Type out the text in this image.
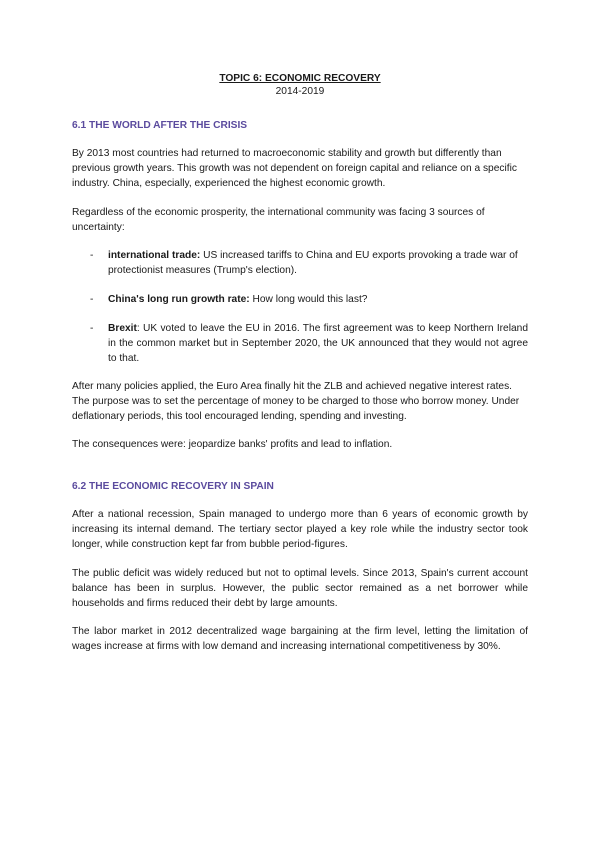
TOPIC 6: ECONOMIC RECOVERY
2014-2019
6.1 THE WORLD AFTER THE CRISIS

By 2013 most countries had returned to macroeconomic stability and growth but differently than previous growth years. This growth was not dependent on foreign capital and reliance on a specific industry. China, especially, experienced the highest economic growth.

Regardless of the economic prosperity, the international community was facing 3 sources of uncertainty:

- international trade: US increased tariffs to China and EU exports provoking a trade war of protectionist measures (Trump's election).
- China's long run growth rate: How long would this last?
- Brexit: UK voted to leave the EU in 2016. The first agreement was to keep Northern Ireland in the common market but in September 2020, the UK announced that they would not agree to that.

After many policies applied, the Euro Area finally hit the ZLB and achieved negative interest rates. The purpose was to set the percentage of money to be charged to those who borrow money. Under deflationary periods, this tool encouraged lending, spending and investing.

The consequences were: jeopardize banks' profits and lead to inflation.

6.2 THE ECONOMIC RECOVERY IN SPAIN

After a national recession, Spain managed to undergo more than 6 years of economic growth by increasing its internal demand. The tertiary sector played a key role while the industry sector took longer, while construction kept far from bubble period-figures.

The public deficit was widely reduced but not to optimal levels. Since 2013, Spain's current account balance has been in surplus. However, the public sector remained as a net borrower while households and firms reduced their debt by large amounts.

The labor market in 2012 decentralized wage bargaining at the firm level, letting the limitation of wages increase at firms with low demand and increasing international competitiveness by 30%.
